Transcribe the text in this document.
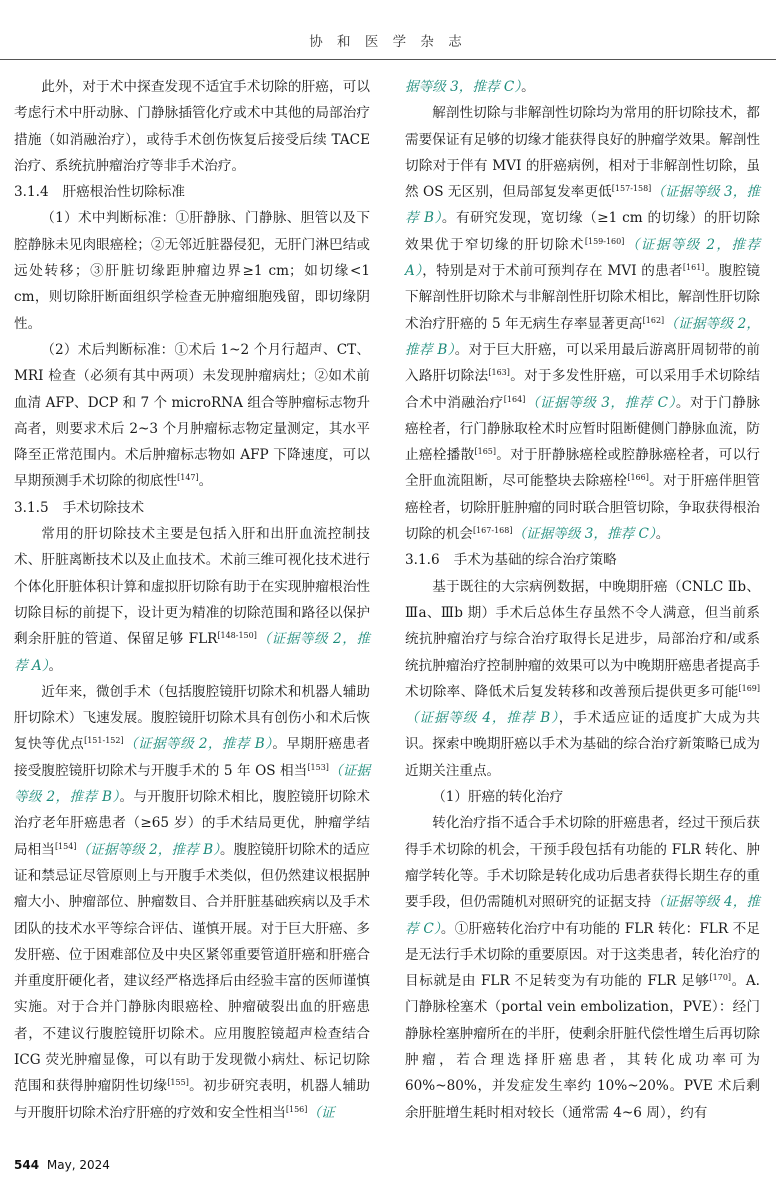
协 和 医 学 杂 志

此外，对于术中探查发现不适宜手术切除的肝癌，可以考虑行术中肝动脉、门静脉插管化疗或术中其他的局部治疗措施（如消融治疗），或待手术创伤恢复后接受后续 TACE 治疗、系统抗肿瘤治疗等非手术治疗。

3.1.4 肝癌根治性切除标准

（1）术中判断标准：①肝静脉、门静脉、胆管以及下腔静脉未见肉眼癌栓；②无邻近脏器侵犯，无肝门淋巴结或远处转移；③肝脏切缘距肿瘤边界≥1 cm；如切缘<1 cm，则切除肝断面组织学检查无肿瘤细胞残留，即切缘阴性。

（2）术后判断标准：①术后 1~2 个月行超声、CT、MRI 检查（必须有其中两项）未发现肿瘤病灶；②如术前血清 AFP、DCP 和 7 个 microRNA 组合等肿瘤标志物升高者，则要求术后 2~3 个月肿瘤标志物定量测定，其水平降至正常范围内。术后肿瘤标志物如 AFP 下降速度，可以早期预测手术切除的彻底性[147]。

3.1.5 手术切除技术

常用的肝切除技术主要是包括入肝和出肝血流控制技术、肝脏离断技术以及止血技术。术前三维可视化技术进行个体化肝脏体积计算和虚拟肝切除有助于在实现肿瘤根治性切除目标的前提下，设计更为精准的切除范围和路径以保护剩余肝脏的管道、保留足够 FLR[148-150]（证据等级 2，推荐 A）。

近年来，微创手术（包括腹腔镜肝切除术和机器人辅助肝切除术）飞速发展。腹腔镜肝切除术具有创伤小和术后恢复快等优点[151-152]（证据等级 2，推荐 B）。早期肝癌患者接受腹腔镜肝切除术与开腹手术的 5 年 OS 相当[153]（证据等级 2，推荐 B）。与开腹肝切除术相比，腹腔镜肝切除术治疗老年肝癌患者（≥65 岁）的手术结局更优，肿瘤学结局相当[154]（证据等级 2，推荐 B）。腹腔镜肝切除术的适应证和禁忌证尽管原则上与开腹手术类似，但仍然建议根据肿瘤大小、肿瘤部位、肿瘤数目、合并肝脏基础疾病以及手术团队的技术水平等综合评估、谨慎开展。对于巨大肝癌、多发肝癌、位于困难部位及中央区紧邻重要管道肝癌和肝癌合并重度肝硬化者，建议经严格选择后由经验丰富的医师谨慎实施。对于合并门静脉肉眼癌栓、肿瘤破裂出血的肝癌患者，不建议行腹腔镜肝切除术。应用腹腔镜超声检查结合 ICG 荧光肿瘤显像，可以有助于发现微小病灶、标记切除范围和获得肿瘤阴性切缘[155]。初步研究表明，机器人辅助与开腹肝切除术治疗肝癌的疗效和安全性相当[156]（证

据等级 3，推荐 C）。

解剖性切除与非解剖性切除均为常用的肝切除技术，都需要保证有足够的切缘才能获得良好的肿瘤学效果。解剖性切除对于伴有 MVI 的肝癌病例，相对于非解剖性切除，虽然 OS 无区别，但局部复发率更低[157-158]（证据等级 3，推荐 B）。有研究发现，宽切缘（≥1 cm 的切缘）的肝切除效果优于窄切缘的肝切除术[159-160]（证据等级 2，推荐 A），特别是对于术前可预判存在 MVI 的患者[161]。腹腔镜下解剖性肝切除术与非解剖性肝切除术相比，解剖性肝切除术治疗肝癌的 5 年无病生存率显著更高[162]（证据等级 2，推荐 B）。对于巨大肝癌，可以采用最后游离肝周韧带的前入路肝切除法[163]。对于多发性肝癌，可以采用手术切除结合术中消融治疗[164]（证据等级 3，推荐 C）。对于门静脉癌栓者，行门静脉取栓术时应暂时阻断健侧门静脉血流，防止癌栓播散[165]。对于肝静脉癌栓或腔静脉癌栓者，可以行全肝血流阻断，尽可能整块去除癌栓[166]。对于肝癌伴胆管癌栓者，切除肝脏肿瘤的同时联合胆管切除，争取获得根治切除的机会[167-168]（证据等级 3，推荐 C）。

3.1.6 手术为基础的综合治疗策略

基于既往的大宗病例数据，中晚期肝癌（CNLC Ⅱb、Ⅲa、Ⅲb 期）手术后总体生存虽然不令人满意，但当前系统抗肿瘤治疗与综合治疗取得长足进步，局部治疗和/或系统抗肿瘤治疗控制肿瘤的效果可以为中晚期肝癌患者提高手术切除率、降低术后复发转移和改善预后提供更多可能[169]（证据等级 4，推荐 B），手术适应证的适度扩大成为共识。探索中晚期肝癌以手术为基础的综合治疗新策略已成为近期关注重点。

（1）肝癌的转化治疗

转化治疗指不适合手术切除的肝癌患者，经过干预后获得手术切除的机会，干预手段包括有功能的 FLR 转化、肿瘤学转化等。手术切除是转化成功后患者获得长期生存的重要手段，但仍需随机对照研究的证据支持（证据等级 4，推荐 C）。①肝癌转化治疗中有功能的 FLR 转化：FLR 不足是无法行手术切除的重要原因。对于这类患者，转化治疗的目标就是由 FLR 不足转变为有功能的 FLR 足够[170]。A. 门静脉栓塞术（portal vein embolization，PVE）：经门静脉栓塞肿瘤所在的半肝，使剩余肝脏代偿性增生后再切除肿瘤，若合理选择肝癌患者，其转化成功率可为 60%~80%，并发症发生率约 10%~20%。PVE 术后剩余肝脏增生耗时相对较长（通常需 4~6 周），约有

544 May, 2024
